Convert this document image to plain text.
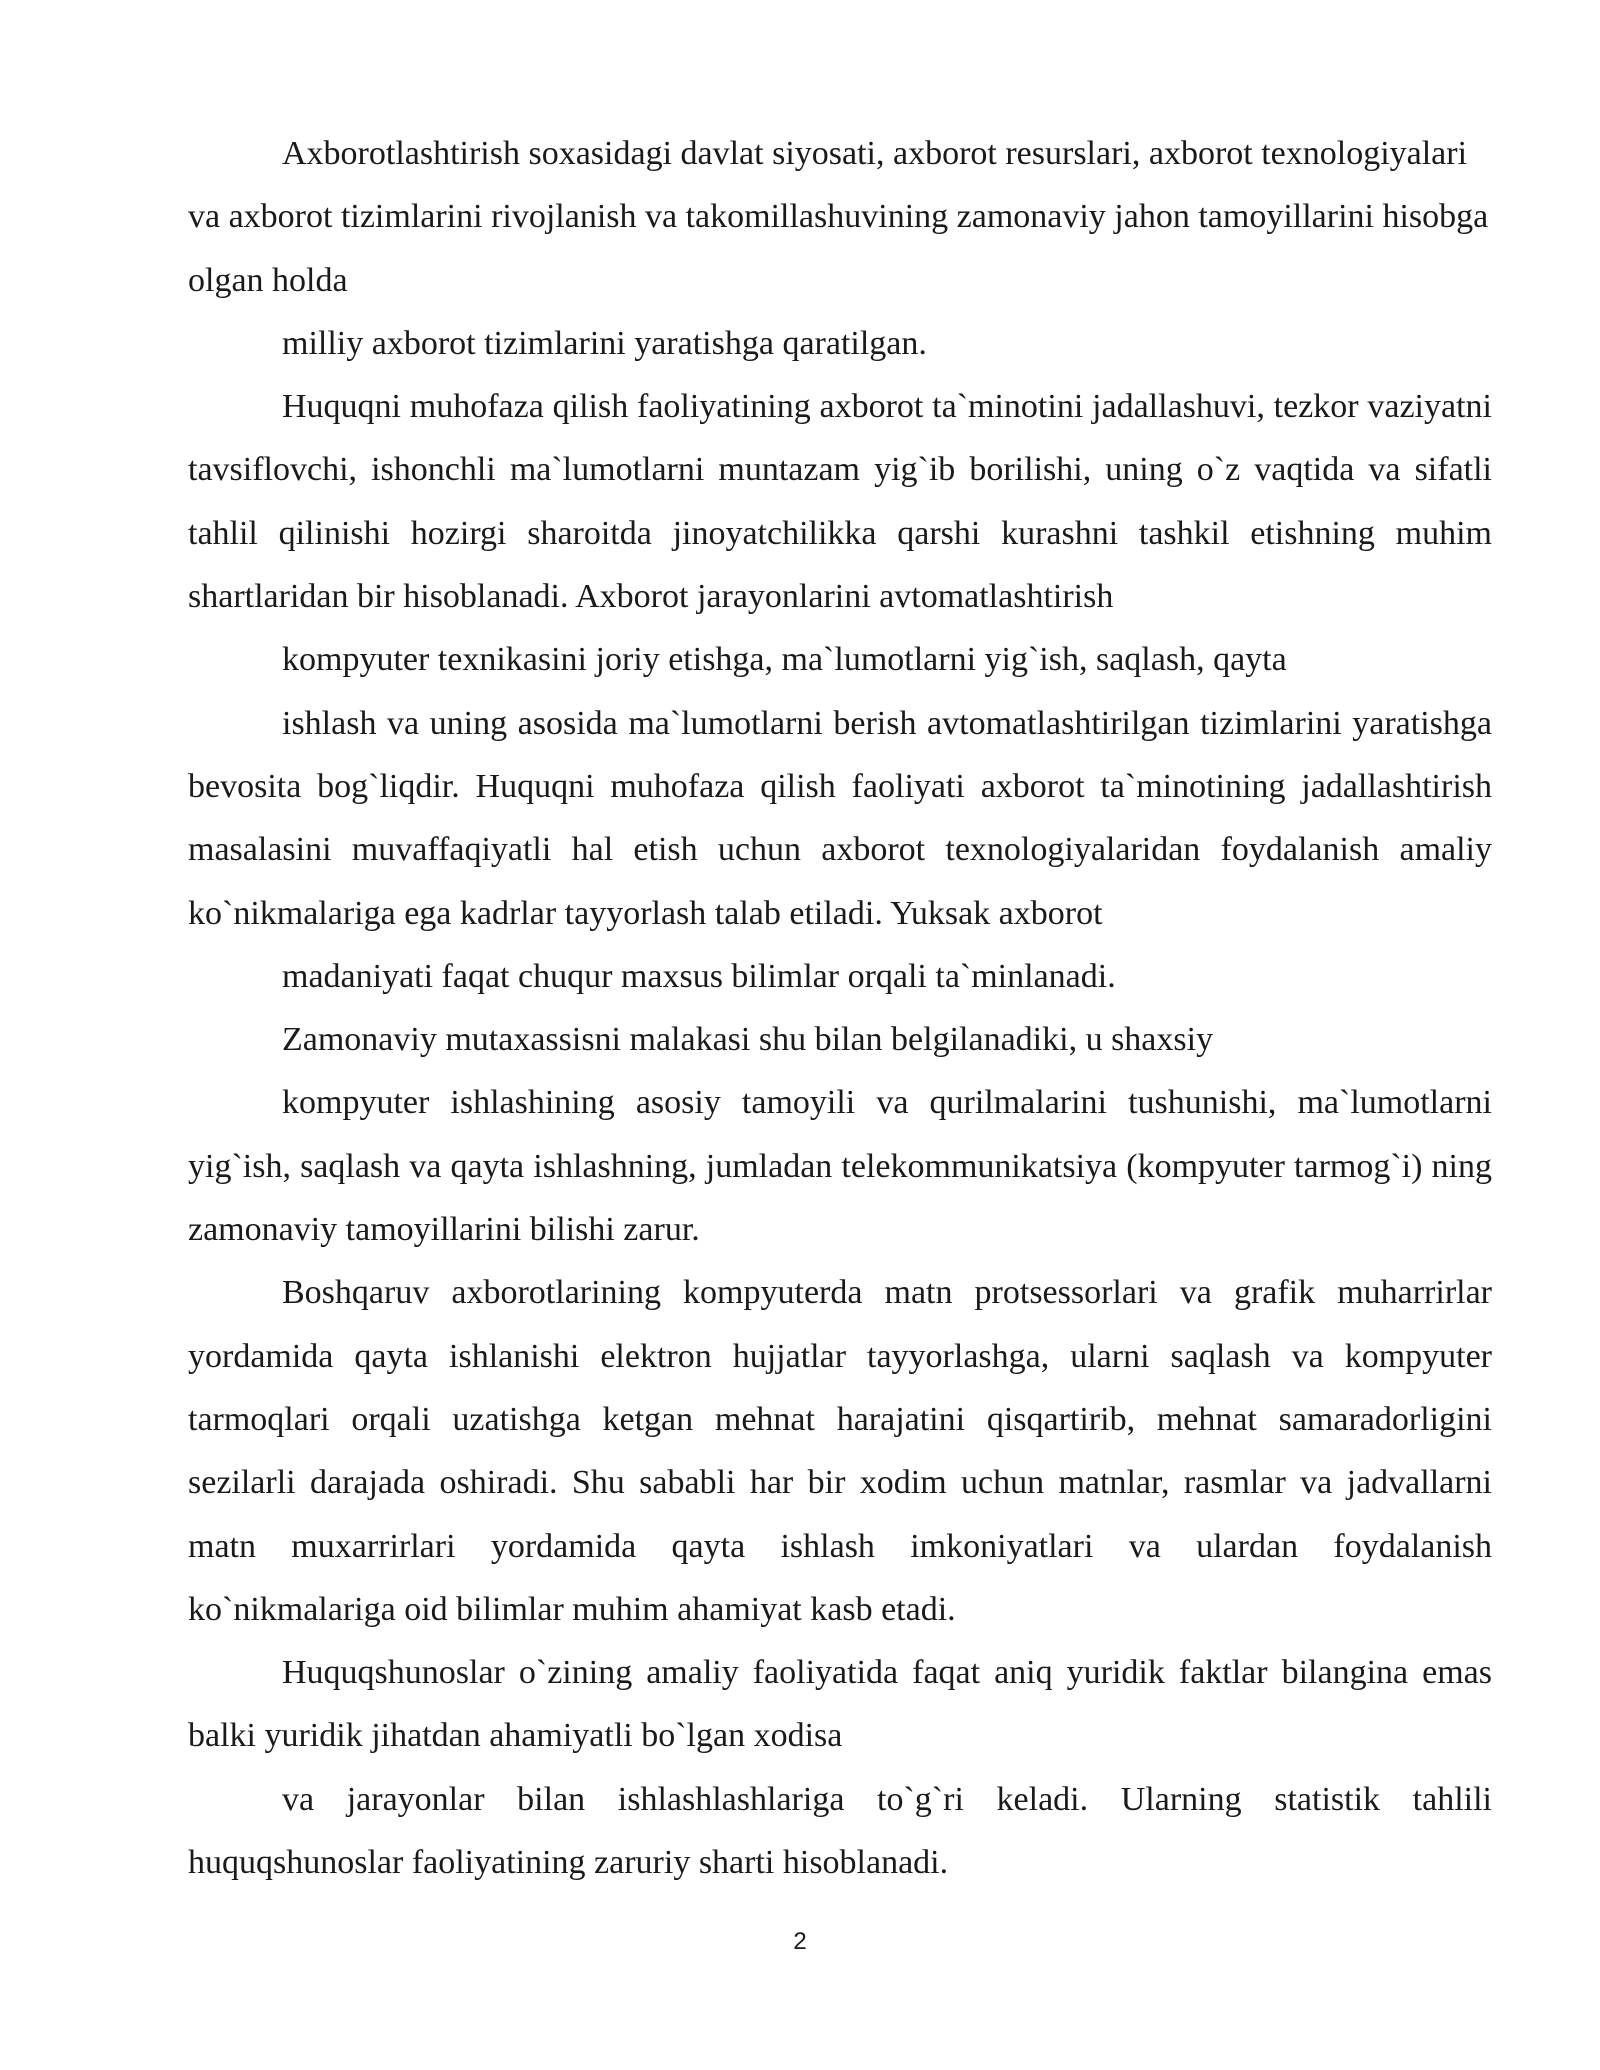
Axborotlashtirish soxasidagi davlat siyosati, axborot resurslari, axborot texnologiyalari va axborot tizimlarini rivojlanish va takomillashuvining zamonaviy jahon tamoyillarini hisobga olgan holda

milliy axborot tizimlarini yaratishga qaratilgan.

Huquqni muhofaza qilish faoliyatining axborot ta`minotini jadallashuvi, tezkor vaziyatni tavsiflovchi, ishonchli ma`lumotlarni muntazam yig`ib borilishi, uning o`z vaqtida va sifatli tahlil qilinishi hozirgi sharoitda jinoyatchilikka qarshi kurashni tashkil etishning muhim shartlaridan bir hisoblanadi. Axborot jarayonlarini avtomatlashtirish

kompyuter texnikasini joriy etishga, ma`lumotlarni yig`ish, saqlash, qayta

ishlash va uning asosida ma`lumotlarni berish avtomatlashtirilgan tizimlarini yaratishga bevosita bog`liqdir. Huquqni muhofaza qilish faoliyati axborot ta`minotining jadallashtirish masalasini muvaffaqiyatli hal etish uchun axborot texnologiyalaridan foydalanish amaliy ko`nikmalariga ega kadrlar tayyorlash talab etiladi. Yuksak axborot

madaniyati faqat chuqur maxsus bilimlar orqali ta`minlanadi.

Zamonaviy mutaxassisni malakasi shu bilan belgilanadiki, u shaxsiy

kompyuter ishlashining asosiy tamoyili va qurilmalarini tushunishi, ma`lumotlarni yig`ish, saqlash va qayta ishlashning, jumladan telekommunikatsiya (kompyuter tarmog`i) ning zamonaviy tamoyillarini bilishi zarur.

Boshqaruv axborotlarining kompyuterda matn protsessorlari va grafik muharrirlar yordamida qayta ishlanishi elektron hujjatlar tayyorlashga, ularni saqlash va kompyuter tarmoqlari orqali uzatishga ketgan mehnat harajatini qisqartirib, mehnat samaradorligini sezilarli darajada oshiradi. Shu sababli har bir xodim uchun matnlar, rasmlar va jadvallarni matn muxarrirlari yordamida qayta ishlash imkoniyatlari va ulardan foydalanish ko`nikmalariga oid bilimlar muhim ahamiyat kasb etadi.

Huquqshunoslar o`zining amaliy faoliyatida faqat aniq yuridik faktlar bilangina emas balki yuridik jihatdan ahamiyatli bo`lgan xodisa

va jarayonlar bilan ishlashlashlariga to`g`ri keladi. Ularning statistik tahlili huquqshunoslar faoliyatining zaruriy sharti hisoblanadi.

2
